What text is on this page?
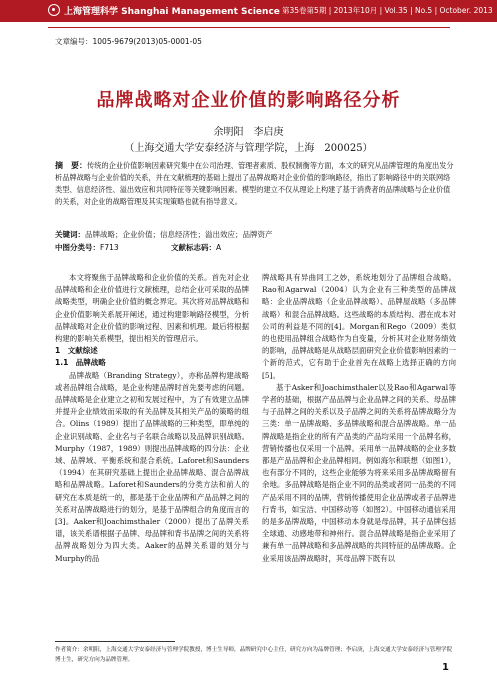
上海管理科学 Shanghai Management Science 第35卷第5期 | 2013年10月 | Vol.35 | No.5 | October. 2013
文章编号：1005-9679(2013)05-0001-05
品牌战略对企业价值的影响路径分析
余明阳　李启庚
（上海交通大学安泰经济与管理学院，上海　200025）
摘　要：传统的企业价值影响因素研究集中在公司治理、管理者素质、股权制衡等方面，本文的研究从品牌管理的角度出发分析品牌战略与企业价值的关系，并在文献梳理的基础上提出了品牌战略对企业价值的影响路径，指出了影响路径中的关联网络类型、信息经济性、溢出效应和共同特征等关键影响因素。模型的建立不仅从理论上构建了基于消费者的品牌战略与企业价值的关系，对企业的战略管理及其实现策略也就有指导意义。
关键词：品牌战略；企业价值；信息经济性；溢出效应；品牌资产
中图分类号：F713	文献标志码：A

本文将聚焦于品牌战略和企业价值的关系。首先对企业品牌战略和企业价值进行文献梳理，总结企业可采取的品牌战略类型，明确企业价值的概念界定。其次将对品牌战略和企业价值影响关系展开阐述，通过构建影响路径模型，分析品牌战略对企业价值的影响过程、因素和机理。最后将根据构建的影响关系模型，提出相关的管理启示。

1　文献综述
1.1　品牌战略

品牌战略（Branding Strategy），亦称品牌构建战略或者品牌组合战略，是企业构建品牌时首先要考虑的问题。品牌战略是企业建立之初和发展过程中，为了有效建立品牌并提升企业绩效而采取的有关品牌及其相关产品的策略的组合。Olins（1989）提出了品牌战略的三种类型，即单纯的企业识别战略、企业名与子名联合战略以及品牌识别战略。Murphy（1987，1989）则提出品牌战略的四分法：企业域、品牌域、平衡系统和混合系统。Laforet和Saunders（1994）在其研究基础上提出企业品牌战略、混合品牌战略和品牌战略。Laforet和Saunders的分类方法和前人的研究在本质是统一的，都是基于企业品牌和产品品牌之间的关系对品牌战略进行的划分，是基于品牌组合的角度而言的[3]。Aaker和Joachimsthaler（2000）提出了品牌关系谱，该关系谱根据子品牌、母品牌和背书品牌之间的关系将品牌战略划分为四大类。Aaker的品牌关系谱的划分与Murphy的品

牌战略具有异曲同工之妙，系统地划分了品牌组合战略。Rao和Agarwal（2004）认为企业有三种类型的品牌战略：企业品牌战略（企业品牌战略）、品牌屋战略（多品牌战略）和混合品牌战略。这些战略的本质结构、潜在成本对公司的利益是不同的[4]。Morgan和Rego（2009）类似的也使用品牌组合战略作为自变量，分析其对企业财务绩效的影响，品牌战略是从战略层面研究企业价值影响因素的一个新的范式，它有助于企业首先在战略上选择正确的方向[5]。

基于Asker和Joachimsthaler以及Rao和Agarwal等学者的基础，根据产品品牌与企业品牌之间的关系、母品牌与子品牌之间的关系以及子品牌之间的关系将品牌战略分为三类：单一品牌战略、多品牌战略和混合品牌战略。单一品牌战略是指企业的所有产品类的产品均采用一个品牌名称，营销传播也仅采用一个品牌。采用单一品牌战略的企业多数都是产品品牌和企业品牌相同。例如海尔和联想（如图1），也有部分不同的，这些企业能够为将来采用多品牌战略留有余地。多品牌战略是指企业不同的品类或者同一品类的不同产品采用不同的品牌，营销传播使用企业品牌或者子品牌进行背书，如宝洁、中国移动等（如图2）。中国移动通信采用的是多品牌战略，中国移动本身就是母品牌，其子品牌包括全球通、动感地带和神州行。混合品牌战略是指企业采用了兼有单一品牌战略和多品牌战略的共同特征的品牌战略。企业采用该品牌战略时，其母品牌下既有以

作者简介：余明阳，上海交通大学安泰经济与管理学院教授，博士生导师，品牌研究中心主任，研究方向为品牌管理；李启庚，上海交通大学安泰经济与管理学院博士生，研究方向为品牌管理。
1
